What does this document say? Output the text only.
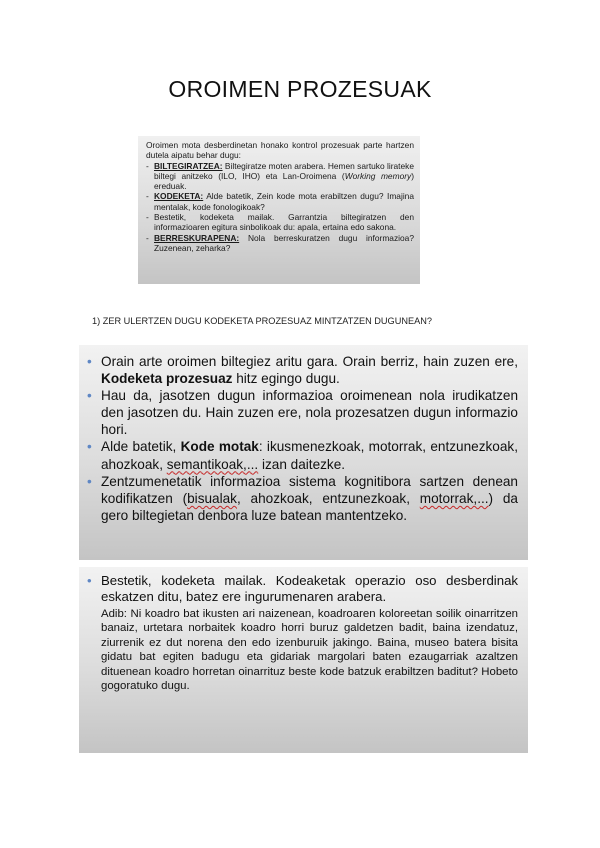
OROIMEN PROZESUAK

Oroimen mota desberdinetan honako kontrol prozesuak parte hartzen dutela aipatu behar dugu:

- BILTEGIRATZEA: Biltegiratze moten arabera. Hemen sartuko lirateke biltegi anitzeko (ILO, IHO) eta Lan-Oroimena (Working memory) ereduak.

- KODEKETA: Alde batetik, Zein kode mota erabiltzen dugu? Imajina mentalak, kode fonologikoak?

- Bestetik, kodeketa mailak. Garrantzia biltegiratzen den informazioaren egitura sinbolikoak du: apala, ertaina edo sakona.

- BERRESKURAPENA: Nola berreskuratzen dugu informazioa? Zuzenean, zeharka?

1) ZER ULERTZEN DUGU KODEKETA PROZESUAZ MINTZATZEN DUGUNEAN?

• Orain arte oroimen biltegiez aritu gara. Orain berriz, hain zuzen ere, Kodeketa prozesuaz hitz egingo dugu.

• Hau da, jasotzen dugun informazioa oroimenean nola irudikatzen den jasotzen du. Hain zuzen ere, nola prozesatzen dugun informazio hori.

• Alde batetik, Kode motak: ikusmenezkoak, motorrak, entzunezkoak, ahozkoak, semantikoak,... izan daitezke.

• Zentzumenetatik informazioa sistema kognitibora sartzen denean kodifikatzen (bisualak, ahozkoak, entzunezkoak, motorrak,...) da gero biltegietan denbora luze batean mantentzeko.

• Bestetik, kodeketa mailak. Kodeaketak operazio oso desberdinak eskatzen ditu, batez ere ingurumenaren arabera.

Adib: Ni koadro bat ikusten ari naizenean, koadroaren koloreetan soilik oinarritzen banaiz, urtetara norbaitek koadro horri buruz galdetzen badit, baina izendatuz, ziurrenik ez dut norena den edo izenburuik jakingo. Baina, museo batera bisita gidatu bat egiten badugu eta gidariak margolari baten ezaugarriak azaltzen dituenean koadro horretan oinarrituz beste kode batzuk erabiltzen baditut? Hobeto gogoratuko dugu.
